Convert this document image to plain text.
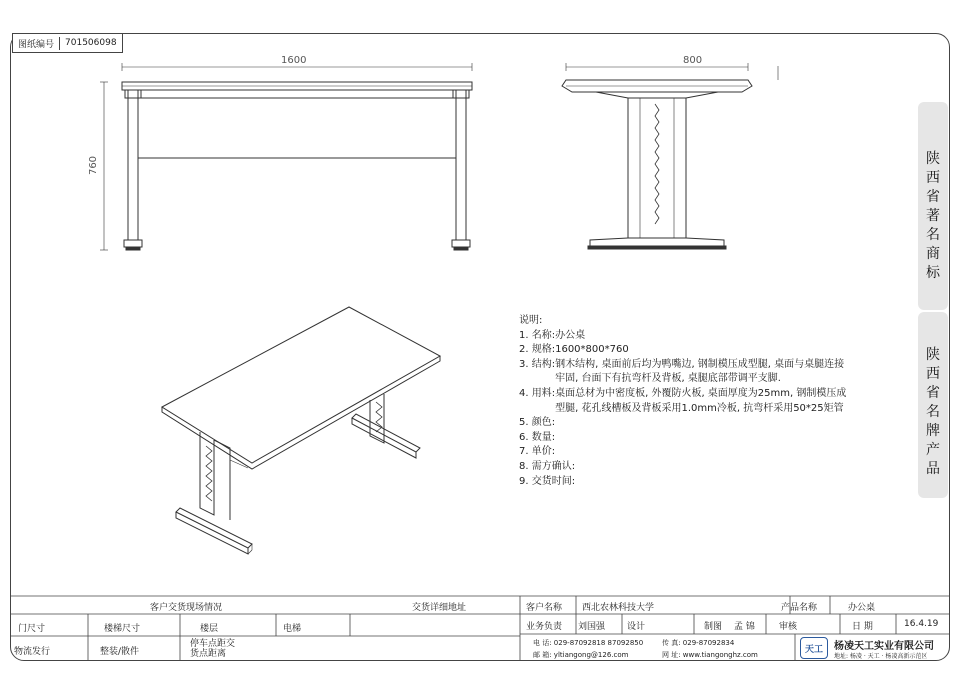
图纸编号	701506098
1600
760
800
说明:
1. 名称: 办公桌
2. 规格: 1600*800*760
3. 结构: 钢木结构, 桌面前后均为鸭嘴边, 钢制模压成型腿, 桌面与桌腿连接牢固, 台面下有抗弯杆及背板, 桌腿底部带调平支脚.
4. 用料: 桌面总材为中密度板, 外覆防火板, 桌面厚度为25mm, 钢制模压成型腿, 花孔线槽板及背板采用1.0mm冷板, 抗弯杆采用50*25矩管
5. 颜色:
6. 数量:
7. 单价:
8. 需方确认:
9. 交货时间:
陕
西
省
著
名
商
标
陕
西
省
名
牌
产
品
客户交货现场情况	交货详细地址	客户名称 西北农林科技大学	产品名称	办公桌
门尺寸	楼梯尺寸	楼层	电梯	业务负责 刘国强 设计	制图 孟 锦	审核	日 期	16.4.19
物流发行	整装/散件
停车点距交
货点距离
电 话: 029-87092818 87092850	传 真: 029-87092834
邮 箱: yltiangong@126.com	网 址: www.tiangonghz.com
天工	杨凌天工实业有限公司
地址: 杨凌 · 天工 · 杨凌高新示范区
